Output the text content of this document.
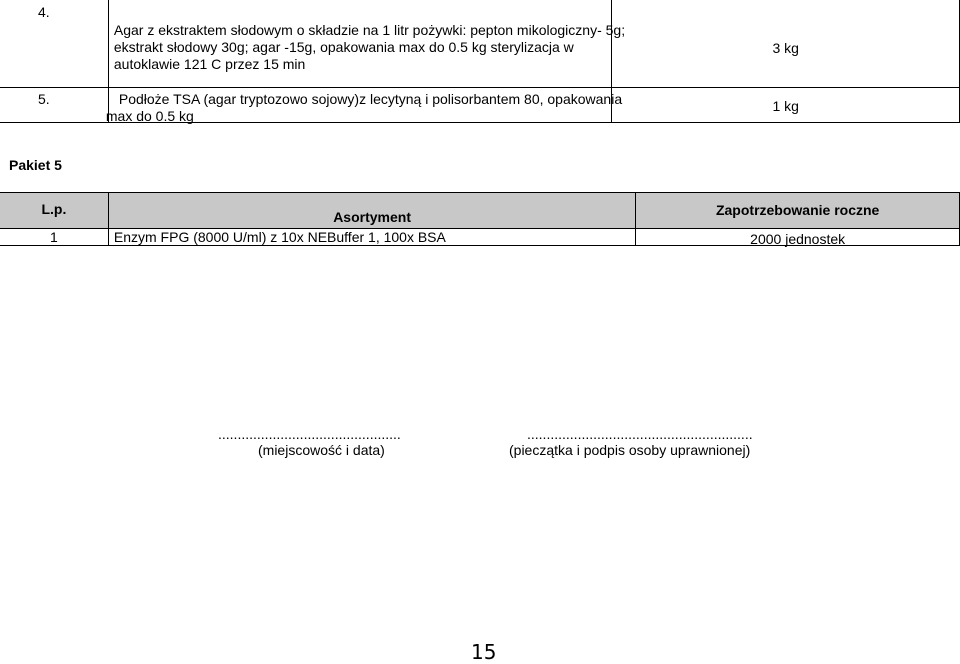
4.	Agar z ekstraktem słodowym o składzie na 1 litr pożywki: pepton mikologiczny- 5g;
ekstrakt słodowy 30g; agar -15g, opakowania max do 0.5 kg sterylizacja w
autoklawie 121 C przez 15 min	3 kg

5.	Podłoże TSA (agar tryptozowo sojowy)z lecytyną i polisorbantem 80, opakowania
max do 0.5 kg	1 kg
Pakiet 5
L.p.	Asortyment	Zapotrzebowanie roczne

1	Enzym FPG (8000 U/ml) z 10x NEBuffer 1, 100x BSA	2000 jednostek
...............................................
(miejscowość i data)
..........................................................
(pieczątka i podpis osoby uprawnionej)
15
